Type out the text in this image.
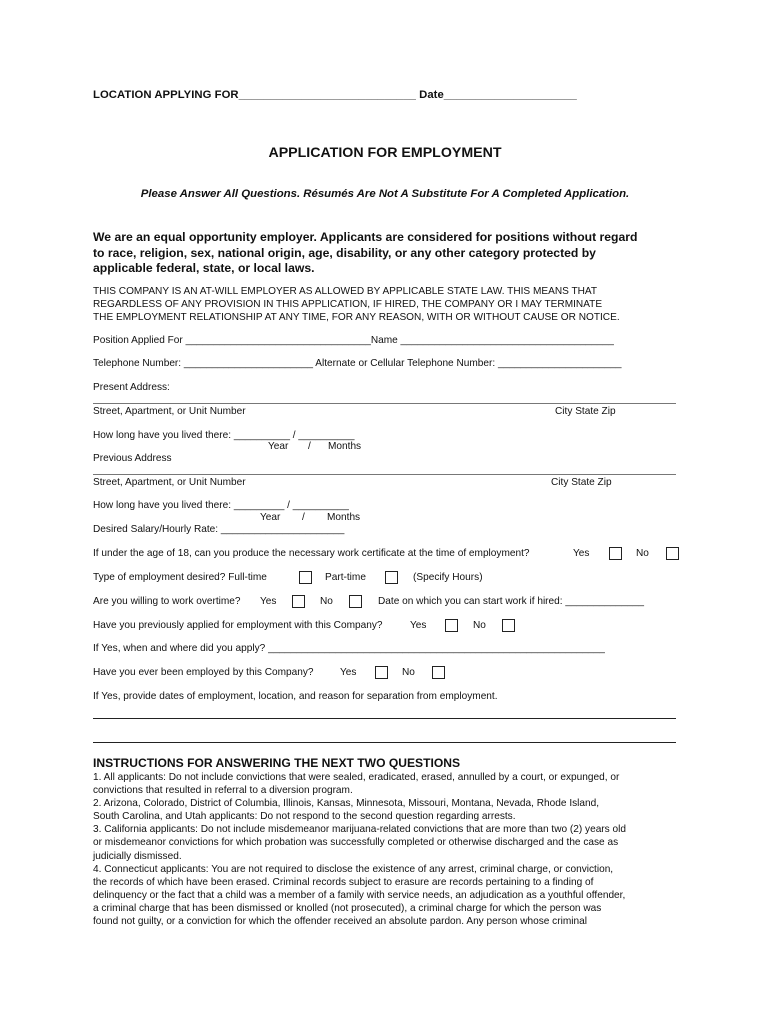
LOCATION APPLYING FOR____________________________ Date_____________________
APPLICATION FOR EMPLOYMENT
Please Answer All Questions. Résumés Are Not A Substitute For A Completed Application.
We are an equal opportunity employer. Applicants are considered for positions without regard
to race, religion, sex, national origin, age, disability, or any other category protected by
applicable federal, state, or local laws.
THIS COMPANY IS AN AT-WILL EMPLOYER AS ALLOWED BY APPLICABLE STATE LAW. THIS MEANS THAT
REGARDLESS OF ANY PROVISION IN THIS APPLICATION, IF HIRED, THE COMPANY OR I MAY TERMINATE
THE EMPLOYMENT RELATIONSHIP AT ANY TIME, FOR ANY REASON, WITH OR WITHOUT CAUSE OR NOTICE.
Position Applied For _________________________________Name ______________________________________
Telephone Number: _______________________ Alternate or Cellular Telephone Number: ______________________
Present Address:
Street, Apartment, or Unit Number	City State Zip
How long have you lived there: __________ / __________
Year / Months
Previous Address
Street, Apartment, or Unit Number	City State Zip
How long have you lived there: _________ / __________
Year / Months
Desired Salary/Hourly Rate: ______________________
If under the age of 18, can you produce the necessary work certificate at the time of employment?	Yes	No
Type of employment desired? Full-time	Part-time	(Specify Hours)
Are you willing to work overtime? Yes	No	Date on which you can start work if hired: ______________
Have you previously applied for employment with this Company?	Yes	No
If Yes, when and where did you apply? ____________________________________________________________
Have you ever been employed by this Company?	Yes	No
If Yes, provide dates of employment, location, and reason for separation from employment.
INSTRUCTIONS FOR ANSWERING THE NEXT TWO QUESTIONS
1. All applicants: Do not include convictions that were sealed, eradicated, erased, annulled by a court, or expunged, or
convictions that resulted in referral to a diversion program.
2. Arizona, Colorado, District of Columbia, Illinois, Kansas, Minnesota, Missouri, Montana, Nevada, Rhode Island,
South Carolina, and Utah applicants: Do not respond to the second question regarding arrests.
3. California applicants: Do not include misdemeanor marijuana-related convictions that are more than two (2) years old
or misdemeanor convictions for which probation was successfully completed or otherwise discharged and the case as
judicially dismissed.
4. Connecticut applicants: You are not required to disclose the existence of any arrest, criminal charge, or conviction,
the records of which have been erased. Criminal records subject to erasure are records pertaining to a finding of
delinquency or the fact that a child was a member of a family with service needs, an adjudication as a youthful offender,
a criminal charge that has been dismissed or knolled (not prosecuted), a criminal charge for which the person was
found not guilty, or a conviction for which the offender received an absolute pardon. Any person whose criminal
